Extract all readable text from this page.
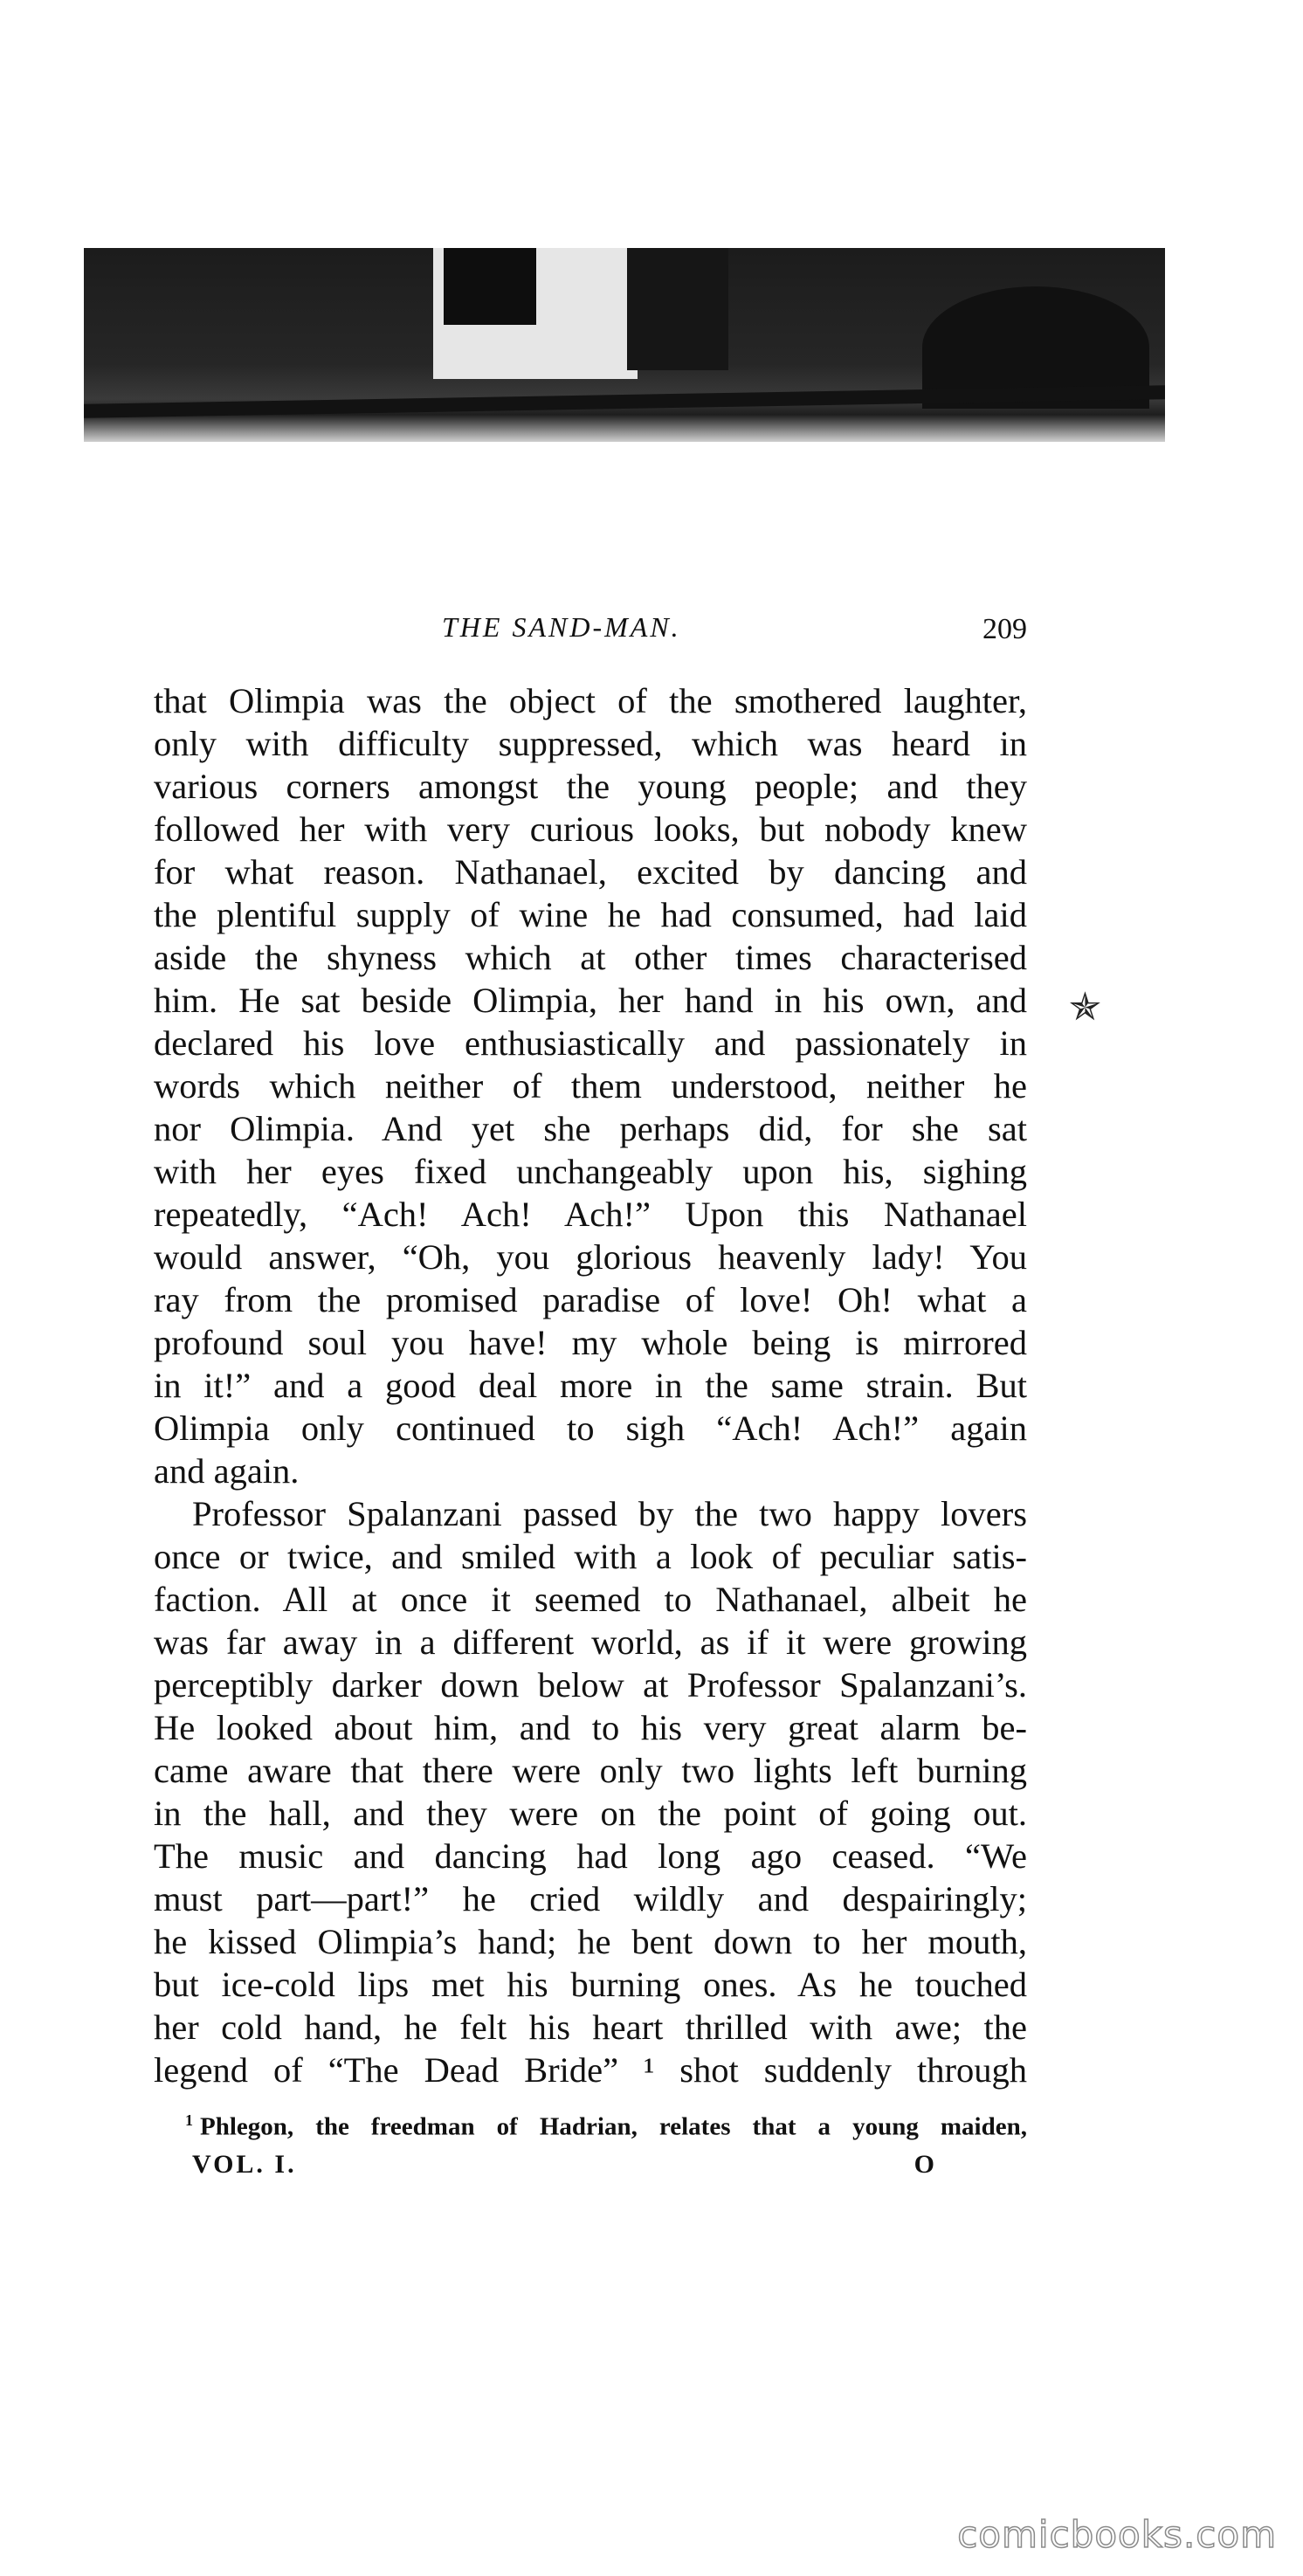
THE SAND-MAN.	209
that Olimpia was the object of the smothered laughter,
only with difficulty suppressed, which was heard in
various corners amongst the young people; and they
followed her with very curious looks, but nobody knew
for what reason. Nathanael, excited by dancing and
the plentiful supply of wine he had consumed, had laid
aside the shyness which at other times characterised
him. He sat beside Olimpia, her hand in his own, and
declared his love enthusiastically and passionately in
words which neither of them understood, neither he
nor Olimpia. And yet she perhaps did, for she sat
with her eyes fixed unchangeably upon his, sighing
repeatedly, “Ach! Ach! Ach!” Upon this Nathanael
would answer, “Oh, you glorious heavenly lady! You
ray from the promised paradise of love! Oh! what a
profound soul you have! my whole being is mirrored
in it!” and a good deal more in the same strain. But
Olimpia only continued to sigh “Ach! Ach!” again
and again.
Professor Spalanzani passed by the two happy lovers
once or twice, and smiled with a look of peculiar satis-
faction. All at once it seemed to Nathanael, albeit he
was far away in a different world, as if it were growing
perceptibly darker down below at Professor Spalanzani’s.
He looked about him, and to his very great alarm be-
came aware that there were only two lights left burning
in the hall, and they were on the point of going out.
The music and dancing had long ago ceased. “We
must part—part!” he cried wildly and despairingly;
he kissed Olimpia’s hand; he bent down to her mouth,
but ice-cold lips met his burning ones. As he touched
her cold hand, he felt his heart thrilled with awe; the
legend of “The Dead Bride” ¹ shot suddenly through
✯
$^1$ Phlegon, the freedman of Hadrian, relates that a young maiden,
VOL. I.	O
comicbooks.com
